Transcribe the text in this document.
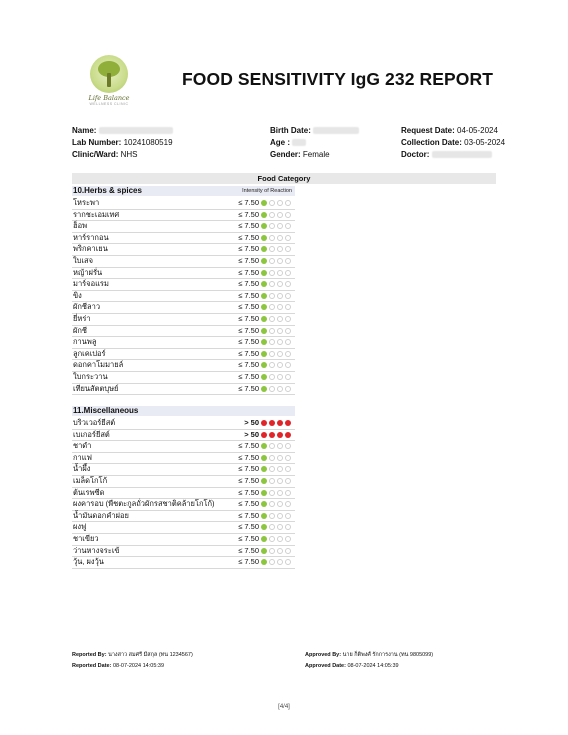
Life Balance
WELLNESS CLINIC
FOOD SENSITIVITY IgG 232 REPORT
Name:
Lab Number: 10241080519
Clinic/Ward: NHS
Birth Date:
Age :
Gender: Female
Request Date: 04-05-2024
Collection Date: 03-05-2024
Doctor:
Food Category
10.Herbs & spices	Intensity of Reaction
โหระพา	≤ 7.50
รากชะเอมเทศ	≤ 7.50
ฮ็อพ	≤ 7.50
หาร์รากอน	≤ 7.50
พริกคาเยน	≤ 7.50
ใบเสจ	≤ 7.50
หญ้าฝรั่น	≤ 7.50
มาร์จอแรม	≤ 7.50
ขิง	≤ 7.50
ผักชีลาว	≤ 7.50
ยี่หร่า	≤ 7.50
ผักชี	≤ 7.50
กานพลู	≤ 7.50
ลูกเคเปอร์	≤ 7.50
ดอกคาโมมายล์	≤ 7.50
ใบกระวาน	≤ 7.50
เทียนสัตตบุษย์	≤ 7.50
11.Miscellaneous
บริวเวอร์ยีสต์	> 50
เบเกอร์ยีสต์	> 50
ชาดำ	≤ 7.50
กาแฟ	≤ 7.50
น้ำผึ้ง	≤ 7.50
เมล็ดโกโก้	≤ 7.50
ต้นเรพซีด	≤ 7.50
ผงคารอบ (พืชตะกูลถั่วผักรสชาติคล้ายโกโก้)	≤ 7.50
น้ำมันดอกคำฝอย	≤ 7.50
ผงฟู	≤ 7.50
ชาเขียว	≤ 7.50
ว่านหางจระเข้	≤ 7.50
วุ้น, ผงวุ้น	≤ 7.50
Reported By: นางสาว สมศรี มีสกุล (ทน 1234567)
Reported Date: 08-07-2024 14:05:39
Approved By: นาย ก็ติพงศ์ รักการงาน (ทน 9805099)
Approved Date: 08-07-2024 14:05:39
[4/4]
